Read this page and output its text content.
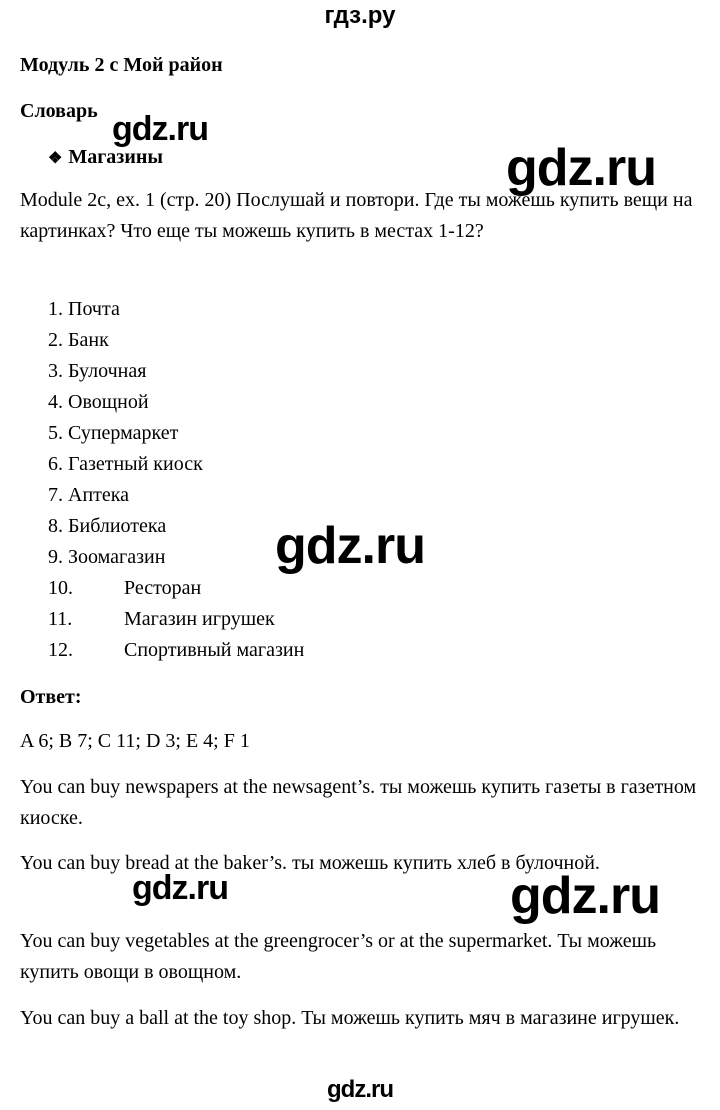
гдз.ру
Модуль 2 с Мой район
Словарь
❖ Магазины
Module 2c, ex. 1 (стр. 20) Послушай и повтори. Где ты можешь купить вещи на картинках? Что еще ты можешь купить в местах 1-12?
1. Почта
2. Банк
3. Булочная
4. Овощной
5. Супермаркет
6. Газетный киоск
7. Аптека
8. Библиотека
9. Зоомагазин
10.	Ресторан
11.	Магазин игрушек
12.	Спортивный магазин
Ответ:
A 6; B 7; C 11; D 3; E 4; F 1
You can buy newspapers at the newsagent’s. ты можешь купить газеты в газетном киоске.
You can buy bread at the baker’s. ты можешь купить хлеб в булочной.
You can buy vegetables at the greengrocer’s or at the supermarket. Ты можешь купить овощи в овощном.
You can buy a ball at the toy shop. Ты можешь купить мяч в магазине игрушек.
gdz.ru
gdz.ru
gdz.ru
gdz.ru	gdz.ru
gdz.ru
